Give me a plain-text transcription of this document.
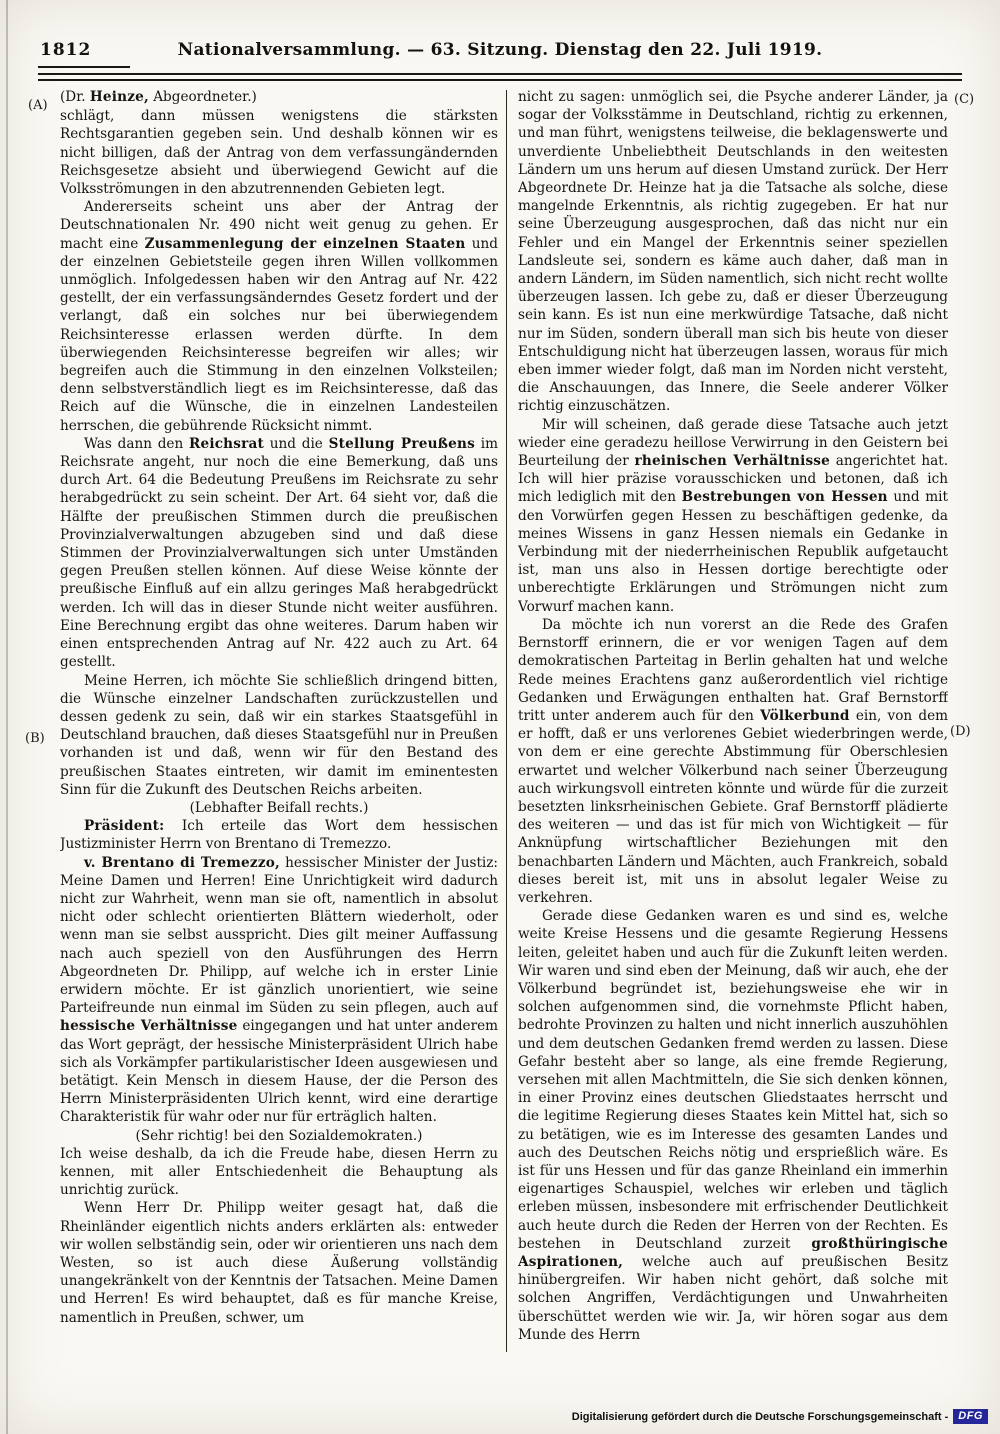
1812	Nationalversammlung. — 63. Sitzung. Dienstag den 22. Juli 1919.
(A)
(B)
(C)
(D)
(Dr. Heinze, Abgeordneter.)
schlägt, dann müssen wenigstens die stärksten Rechtsgarantien gegeben sein. Und deshalb können wir es nicht billigen, daß der Antrag von dem verfassungändernden Reichsgesetze absieht und überwiegend Gewicht auf die Volksströmungen in den abzutrennenden Gebieten legt.
Andererseits scheint uns aber der Antrag der Deutschnationalen Nr. 490 nicht weit genug zu gehen. Er macht eine Zusammenlegung der einzelnen Staaten und der einzelnen Gebietsteile gegen ihren Willen vollkommen unmöglich. Infolgedessen haben wir den Antrag auf Nr. 422 gestellt, der ein verfassungsänderndes Gesetz fordert und der verlangt, daß ein solches nur bei überwiegendem Reichsinteresse erlassen werden dürfte. In dem überwiegenden Reichsinteresse begreifen wir alles; wir begreifen auch die Stimmung in den einzelnen Volksteilen; denn selbstverständlich liegt es im Reichsinteresse, daß das Reich auf die Wünsche, die in einzelnen Landesteilen herrschen, die gebührende Rücksicht nimmt.
Was dann den Reichsrat und die Stellung Preußens im Reichsrate angeht, nur noch die eine Bemerkung, daß uns durch Art. 64 die Bedeutung Preußens im Reichsrate zu sehr herabgedrückt zu sein scheint. Der Art. 64 sieht vor, daß die Hälfte der preußischen Stimmen durch die preußischen Provinzialverwaltungen abzugeben sind und daß diese Stimmen der Provinzialverwaltungen sich unter Umständen gegen Preußen stellen können. Auf diese Weise könnte der preußische Einfluß auf ein allzu geringes Maß herabgedrückt werden. Ich will das in dieser Stunde nicht weiter ausführen. Eine Berechnung ergibt das ohne weiteres. Darum haben wir einen entsprechenden Antrag auf Nr. 422 auch zu Art. 64 gestellt.
Meine Herren, ich möchte Sie schließlich dringend bitten, die Wünsche einzelner Landschaften zurückzustellen und dessen gedenk zu sein, daß wir ein starkes Staatsgefühl in Deutschland brauchen, daß dieses Staatsgefühl nur in Preußen vorhanden ist und daß, wenn wir für den Bestand des preußischen Staates eintreten, wir damit im eminentesten Sinn für die Zukunft des Deutschen Reichs arbeiten.
(Lebhafter Beifall rechts.)
Präsident: Ich erteile das Wort dem hessischen Justizminister Herrn von Brentano di Tremezzo.
v. Brentano di Tremezzo, hessischer Minister der Justiz: Meine Damen und Herren! Eine Unrichtigkeit wird dadurch nicht zur Wahrheit, wenn man sie oft, namentlich in absolut nicht oder schlecht orientierten Blättern wiederholt, oder wenn man sie selbst ausspricht. Dies gilt meiner Auffassung nach auch speziell von den Ausführungen des Herrn Abgeordneten Dr. Philipp, auf welche ich in erster Linie erwidern möchte. Er ist gänzlich unorientiert, wie seine Parteifreunde nun einmal im Süden zu sein pflegen, auch auf hessische Verhältnisse eingegangen und hat unter anderem das Wort geprägt, der hessische Ministerpräsident Ulrich habe sich als Vorkämpfer partikularistischer Ideen ausgewiesen und betätigt. Kein Mensch in diesem Hause, der die Person des Herrn Ministerpräsidenten Ulrich kennt, wird eine derartige Charakteristik für wahr oder nur für erträglich halten.
(Sehr richtig! bei den Sozialdemokraten.)
Ich weise deshalb, da ich die Freude habe, diesen Herrn zu kennen, mit aller Entschiedenheit die Behauptung als unrichtig zurück.
Wenn Herr Dr. Philipp weiter gesagt hat, daß die Rheinländer eigentlich nichts anders erklärten als: entweder wir wollen selbständig sein, oder wir orientieren uns nach dem Westen, so ist auch diese Äußerung vollständig unangekränkelt von der Kenntnis der Tatsachen. Meine Damen und Herren! Es wird behauptet, daß es für manche Kreise, namentlich in Preußen, schwer, um
nicht zu sagen: unmöglich sei, die Psyche anderer Länder, ja sogar der Volksstämme in Deutschland, richtig zu erkennen, und man führt, wenigstens teilweise, die beklagenswerte und unverdiente Unbeliebtheit Deutschlands in den weitesten Ländern um uns herum auf diesen Umstand zurück. Der Herr Abgeordnete Dr. Heinze hat ja die Tatsache als solche, diese mangelnde Erkenntnis, als richtig zugegeben. Er hat nur seine Überzeugung ausgesprochen, daß das nicht nur ein Fehler und ein Mangel der Erkenntnis seiner speziellen Landsleute sei, sondern es käme auch daher, daß man in andern Ländern, im Süden namentlich, sich nicht recht wollte überzeugen lassen. Ich gebe zu, daß er dieser Überzeugung sein kann. Es ist nun eine merkwürdige Tatsache, daß nicht nur im Süden, sondern überall man sich bis heute von dieser Entschuldigung nicht hat überzeugen lassen, woraus für mich eben immer wieder folgt, daß man im Norden nicht versteht, die Anschauungen, das Innere, die Seele anderer Völker richtig einzuschätzen.
Mir will scheinen, daß gerade diese Tatsache auch jetzt wieder eine geradezu heillose Verwirrung in den Geistern bei Beurteilung der rheinischen Verhältnisse angerichtet hat. Ich will hier präzise vorausschicken und betonen, daß ich mich lediglich mit den Bestrebungen von Hessen und mit den Vorwürfen gegen Hessen zu beschäftigen gedenke, da meines Wissens in ganz Hessen niemals ein Gedanke in Verbindung mit der niederrheinischen Republik aufgetaucht ist, man uns also in Hessen dortige berechtigte oder unberechtigte Erklärungen und Strömungen nicht zum Vorwurf machen kann.
Da möchte ich nun vorerst an die Rede des Grafen Bernstorff erinnern, die er vor wenigen Tagen auf dem demokratischen Parteitag in Berlin gehalten hat und welche Rede meines Erachtens ganz außerordentlich viel richtige Gedanken und Erwägungen enthalten hat. Graf Bernstorff tritt unter anderem auch für den Völkerbund ein, von dem er hofft, daß er uns verlorenes Gebiet wiederbringen werde, von dem er eine gerechte Abstimmung für Oberschlesien erwartet und welcher Völkerbund nach seiner Überzeugung auch wirkungsvoll eintreten könnte und würde für die zurzeit besetzten linksrheinischen Gebiete. Graf Bernstorff plädierte des weiteren — und das ist für mich von Wichtigkeit — für Anknüpfung wirtschaftlicher Beziehungen mit den benachbarten Ländern und Mächten, auch Frankreich, sobald dieses bereit ist, mit uns in absolut legaler Weise zu verkehren.
Gerade diese Gedanken waren es und sind es, welche weite Kreise Hessens und die gesamte Regierung Hessens leiten, geleitet haben und auch für die Zukunft leiten werden. Wir waren und sind eben der Meinung, daß wir auch, ehe der Völkerbund begründet ist, beziehungsweise ehe wir in solchen aufgenommen sind, die vornehmste Pflicht haben, bedrohte Provinzen zu halten und nicht innerlich auszuhöhlen und dem deutschen Gedanken fremd werden zu lassen. Diese Gefahr besteht aber so lange, als eine fremde Regierung, versehen mit allen Machtmitteln, die Sie sich denken können, in einer Provinz eines deutschen Gliedstaates herrscht und die legitime Regierung dieses Staates kein Mittel hat, sich so zu betätigen, wie es im Interesse des gesamten Landes und auch des Deutschen Reichs nötig und ersprießlich wäre. Es ist für uns Hessen und für das ganze Rheinland ein immerhin eigenartiges Schauspiel, welches wir erleben und täglich erleben müssen, insbesondere mit erfrischender Deutlichkeit auch heute durch die Reden der Herren von der Rechten. Es bestehen in Deutschland zurzeit großthüringische Aspirationen, welche auch auf preußischen Besitz hinübergreifen. Wir haben nicht gehört, daß solche mit solchen Angriffen, Verdächtigungen und Unwahrheiten überschüttet werden wie wir. Ja, wir hören sogar aus dem Munde des Herrn
Digitalisierung gefördert durch die Deutsche Forschungsgemeinschaft - DFG
